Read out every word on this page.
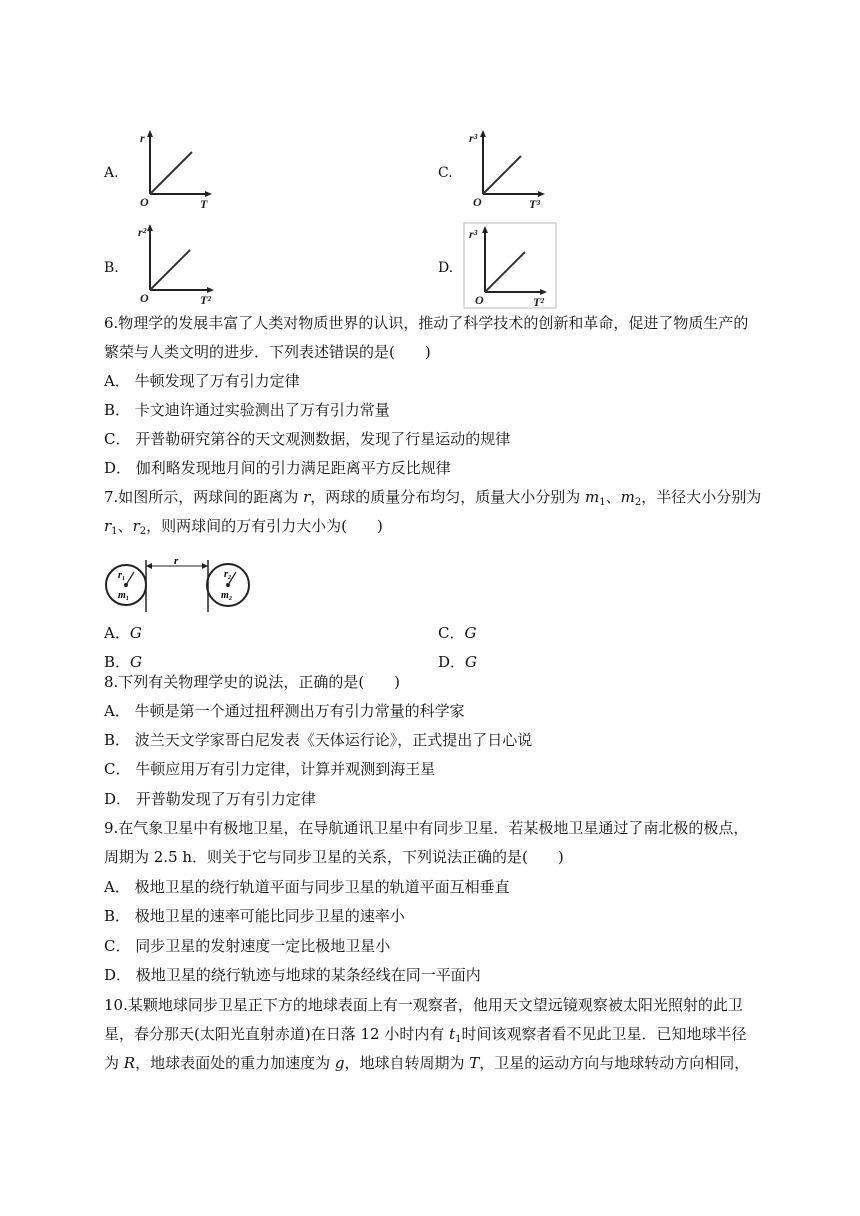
A.
r
O	T
C.
r³
O	T³
B.
r²
O	T²
D.
r³
O	T²
6.物理学的发展丰富了人类对物质世界的认识，推动了科学技术的创新和革命，促进了物质生产的
繁荣与人类文明的进步．下列表述错误的是(　　)
A． 牛顿发现了万有引力定律
B． 卡文迪许通过实验测出了万有引力常量
C． 开普勒研究第谷的天文观测数据，发现了行星运动的规律
D． 伽利略发现地月间的引力满足距离平方反比规律
7.如图所示，两球间的距离为 r，两球的质量分布均匀，质量大小分别为 $m_1$、$m_2$，半径大小分别为
$r_1$、$r_2$，则两球间的万有引力大小为(　　)
r₁
m₁
r
r₂
m₂
A．G	C．G
B．G	D．G
8.下列有关物理学史的说法，正确的是(　　)
A． 牛顿是第一个通过扭秤测出万有引力常量的科学家
B． 波兰天文学家哥白尼发表《天体运行论》，正式提出了日心说
C． 牛顿应用万有引力定律，计算并观测到海王星
D． 开普勒发现了万有引力定律
9.在气象卫星中有极地卫星，在导航通讯卫星中有同步卫星．若某极地卫星通过了南北极的极点，
周期为 2.5 h．则关于它与同步卫星的关系，下列说法正确的是(　　)
A． 极地卫星的绕行轨道平面与同步卫星的轨道平面互相垂直
B． 极地卫星的速率可能比同步卫星的速率小
C． 同步卫星的发射速度一定比极地卫星小
D． 极地卫星的绕行轨迹与地球的某条经线在同一平面内
10.某颗地球同步卫星正下方的地球表面上有一观察者，他用天文望远镜观察被太阳光照射的此卫
星，春分那天(太阳光直射赤道)在日落 12 小时内有 $t_1$时间该观察者看不见此卫星．已知地球半径
为 R，地球表面处的重力加速度为 g，地球自转周期为 T，卫星的运动方向与地球转动方向相同，
